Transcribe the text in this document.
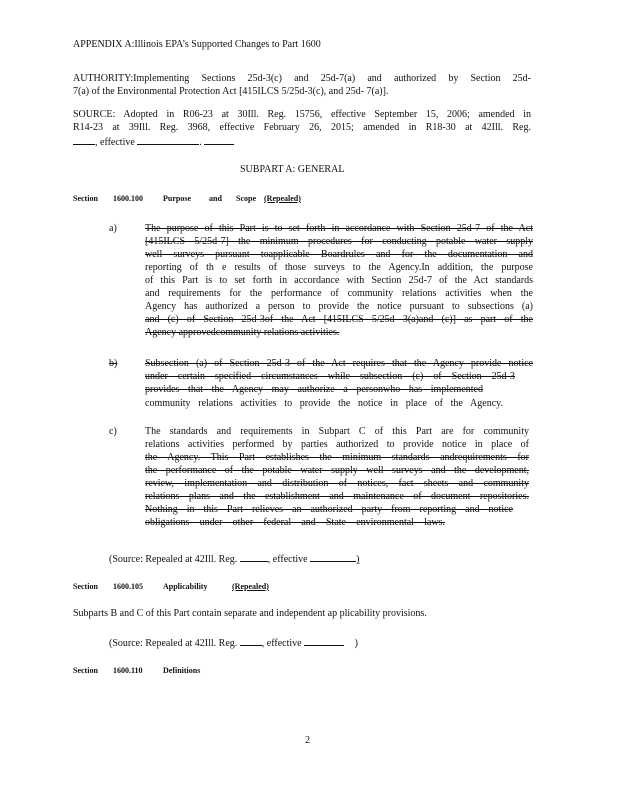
APPENDIX A:Illinois EPA’s Supported Changes to Part 1600
AUTHORITY:Implementing Sections 25d-3(c) and 25d-7(a) and authorized by Section 25d-
7(a) of the Environmental Protection Act [415ILCS 5/25d-3(c), and 25d- 7(a)].
SOURCE: Adopted in R06-23 at 30Ill. Reg. 15756, effective September 15, 2006; amended in
R14-23 at 39Ill. Reg. 3968, effective February 26, 2015; amended in R18-30 at 42Ill. Reg.
, effective	.
SUBPART A: GENERAL
Section 1600.100	Purpose and Scope (Repealed)
a)	The purpose of this Part is to set forth in accordance with Section 25d-7 of the Act
[415ILCS 5/25d-7] the minimum procedures for conducting potable water supply
well surveys pursuant toapplicable Boardrules and for the documentation and
reporting of th e results of those surveys to the Agency.In addition, the purpose
of this Part is to set forth in accordance with Section 25d-7 of the Act standards
and requirements for the performance of community relations activities when the
Agency has authorized a person to provide the notice pursuant to subsections (a)
and (c) of Section 25d-3of the Act [415ILCS 5/25d 3(a)and (c)] as part of the
Agency approvedcommunity relations activities.
b)	Subsection (a) of Section 25d-3 of the Act requires that the Agency provide notice
under certain specified circumstances while subsection (c) of Section 25d-3
provides that the Agency may authorize a personwho has implemented
community relations activities to provide the notice in place of the Agency.
c)	The standards and requirements in Subpart C of this Part are for community
relations activities performed by parties authorized to provide notice in place of
the Agency. This Part establishes the minimum standards andrequirements for
the performance of the potable water supply well surveys and the development,
review, implementation and distribution of notices, fact sheets and community
relations plans and the establishment and maintenance of document repositories.
Nothing in this Part relieves an authorized party from reporting and notice
obligations under other federal and State environmental laws.
(Source: Repealed at 42Ill. Reg.	, effective	)
Section 1600.105	Applicability	(Repealed)
Subparts B and C of this Part contain separate and independent ap plicability provisions.
(Source: Repealed at 42Ill. Reg. , effective	)
Section 1600.110	Definitions
2
